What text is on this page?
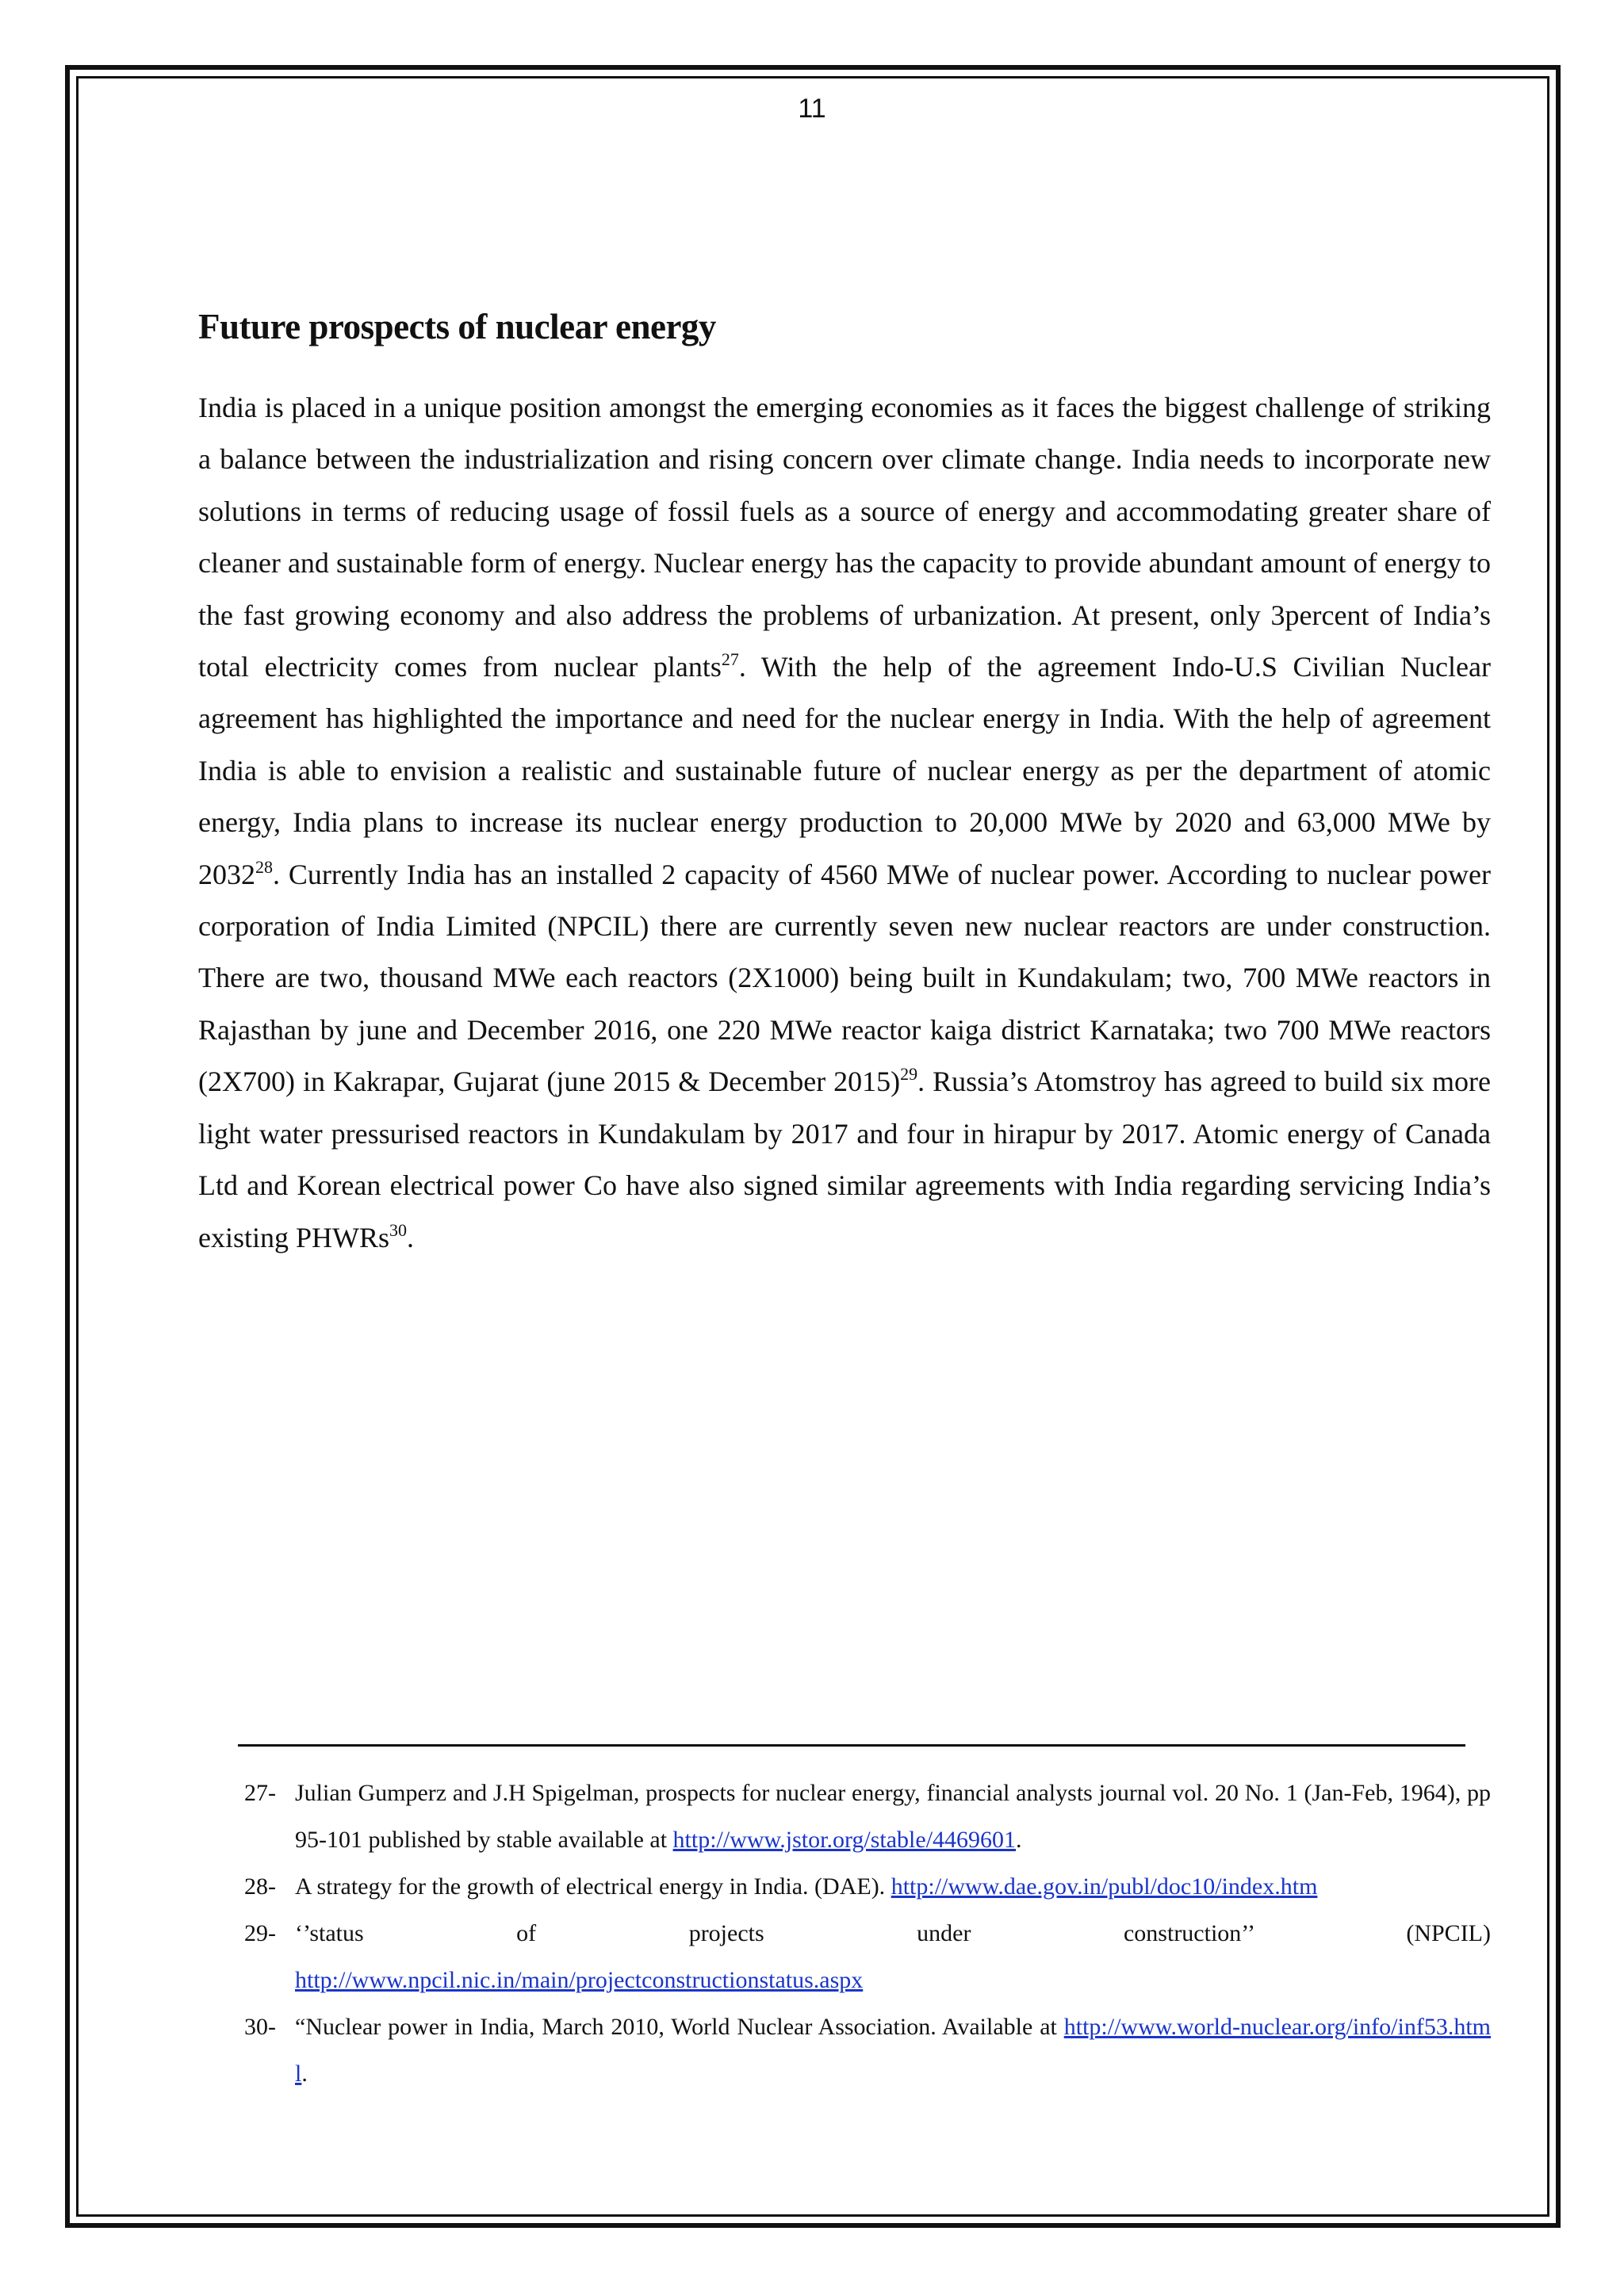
11
Future prospects of nuclear energy

India is placed in a unique position amongst the emerging economies as it faces the biggest challenge of striking a balance between the industrialization and rising concern over climate change. India needs to incorporate new solutions in terms of reducing usage of fossil fuels as a source of energy and accommodating greater share of cleaner and sustainable form of energy. Nuclear energy has the capacity to provide abundant amount of energy to the fast growing economy and also address the problems of urbanization. At present, only 3percent of India’s total electricity comes from nuclear plants$^{27}$. With the help of the agreement Indo-U.S Civilian Nuclear agreement has highlighted the importance and need for the nuclear energy in India. With the help of agreement India is able to envision a realistic and sustainable future of nuclear energy as per the department of atomic energy, India plans to increase its nuclear energy production to 20,000 MWe by 2020 and 63,000 MWe by 2032$^{28}$. Currently India has an installed 2 capacity of 4560 MWe of nuclear power. According to nuclear power corporation of India Limited (NPCIL) there are currently seven new nuclear reactors are under construction. There are two, thousand MWe each reactors (2X1000) being built in Kundakulam; two, 700 MWe reactors in Rajasthan by june and December 2016, one 220 MWe reactor kaiga district Karnataka; two 700 MWe reactors (2X700) in Kakrapar, Gujarat (june 2015 & December 2015)$^{29}$. Russia’s Atomstroy has agreed to build six more light water pressurised reactors in Kundakulam by 2017 and four in hirapur by 2017. Atomic energy of Canada Ltd and Korean electrical power Co have also signed similar agreements with India regarding servicing India’s existing PHWRs$^{30}$.

27- Julian Gumperz and J.H Spigelman, prospects for nuclear energy, financial analysts journal vol. 20 No. 1 (Jan-Feb, 1964), pp 95-101 published by stable available at http://www.jstor.org/stable/4469601.
28- A strategy for the growth of electrical energy in India. (DAE). http://www.dae.gov.in/publ/doc10/index.htm
29- ‘’status of projects under construction’’ (NPCIL)
http://www.npcil.nic.in/main/projectconstructionstatus.aspx
30- “Nuclear power in India, March 2010, World Nuclear Association. Available at http://www.world-nuclear.org/info/inf53.html.
